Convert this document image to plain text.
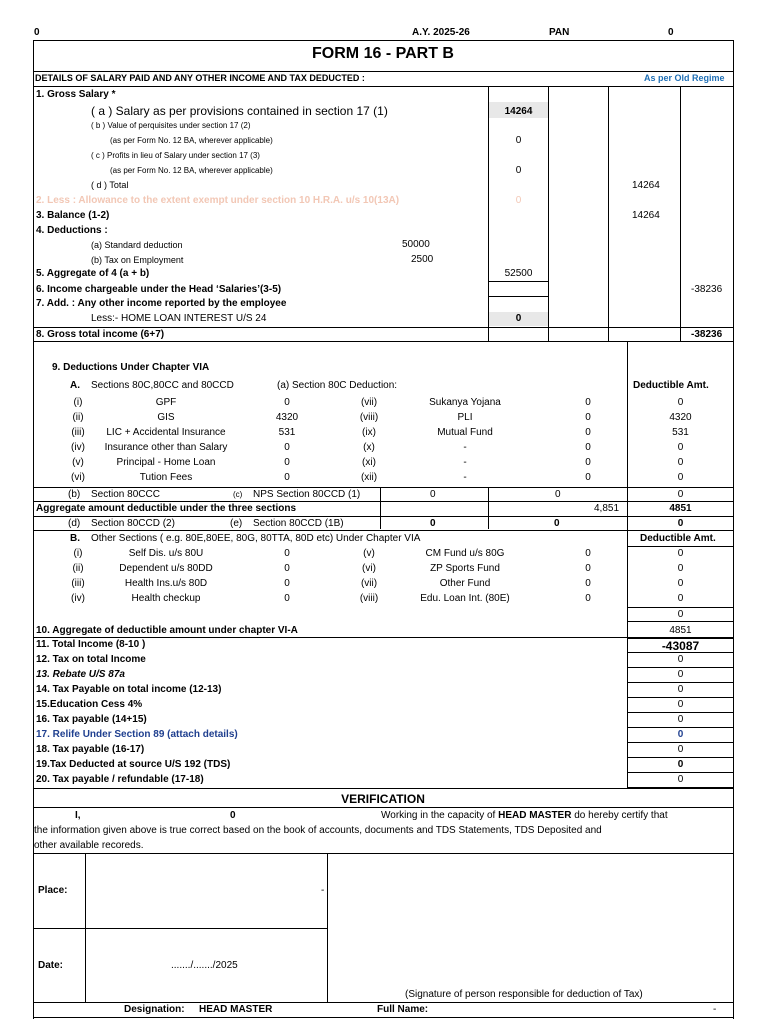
0	A.Y. 2025-26	PAN	0
FORM 16 - PART B
DETAILS OF SALARY PAID AND ANY OTHER INCOME AND TAX DEDUCTED :	As per Old Regime
1. Gross Salary *
( a ) Salary as per provisions contained in section 17 (1)	14264
( b ) Value of perquisites under section 17 (2)
(as per Form No. 12 BA, wherever applicable)	0
( c ) Profits in lieu of Salary under section 17 (3)
(as per Form No. 12 BA, wherever applicable)	0
( d ) Total	14264
2. Less : Allowance to the extent exempt under section 10 H.R.A. u/s 10(13A)	0
3. Balance (1-2)	14264
4. Deductions :
(a) Standard deduction	50000
(b) Tax on Employment	2500
5. Aggregate of 4 (a + b)	52500
6. Income chargeable under the Head ‘Salaries’(3-5)	-38236
7. Add. : Any other income reported by the employee
Less:- HOME LOAN INTEREST U/S 24	0
8. Gross total income (6+7)	-38236
9. Deductions Under Chapter VIA
A. Sections 80C,80CC and 80CCD	(a) Section 80C Deduction:	Deductible Amt.
(i)	GPF	0	(vii)	Sukanya Yojana	0	0
(ii)	GIS	4320	(viii)	PLI	0	4320
(iii)	LIC + Accidental Insurance	531	(ix)	Mutual Fund	0	531
(iv)	Insurance other than Salary	0	(x)	-	0	0
(v)	Principal - Home Loan	0	(xi)	-	0	0
(vi)	Tution Fees	0	(xii)	-	0	0
(b) Section 80CCC	(c) NPS Section 80CCD (1)	0	0	0
Aggregate amount deductible under the three sections	4,851	4851
(d) Section 80CCD (2)	(e) Section 80CCD (1B)	0	0	0
B. Other Sections ( e.g. 80E,80EE, 80G, 80TTA, 80D etc) Under Chapter VIA	Deductible Amt.
(i)	Self Dis. u/s 80U	0	(v)	CM Fund u/s 80G	0	0
(ii)	Dependent u/s 80DD	0	(vi)	ZP Sports Fund	0	0
(iii)	Health Ins.u/s 80D	0	(vii)	Other Fund	0	0
(iv)	Health checkup	0	(viii)	Edu. Loan Int. (80E)	0	0
0
10. Aggregate of deductible amount under chapter VI-A	4851
11. Total Income (8-10 )	-43087
12. Tax on total Income	0
13. Rebate U/S 87a	0
14. Tax Payable on total income (12-13)	0
15.Education Cess 4%	0
16. Tax payable (14+15)	0
17. Relife Under Section 89 (attach details)	0
18. Tax payable (16-17)	0
19.Tax Deducted at source U/S 192 (TDS)	0
20. Tax payable / refundable (17-18)	0
VERIFICATION
I,	0	Working in the capacity of HEAD MASTER do hereby certify that
the information given above is true correct based on the book of accounts, documents and TDS Statements, TDS Deposited and
other available recoreds.
Place:	-
Date:	......./......./2025
(Signature of person responsible for deduction of Tax)
Designation: HEAD MASTER	Full Name:	-
